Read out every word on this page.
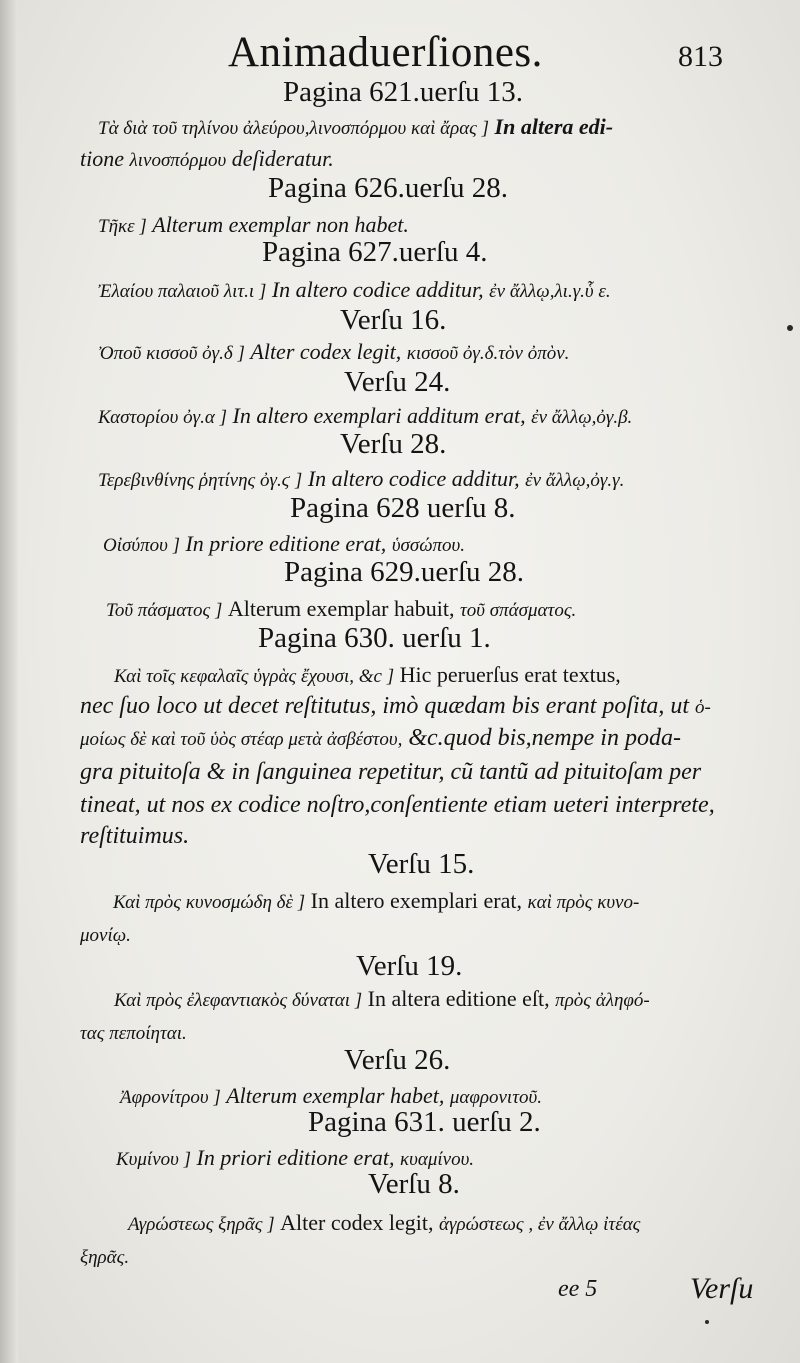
Animaduerſiones.	813
Pagina 621.uerſu 13.
Τὰ διὰ τοῦ τηλίνου ἀλεύρου,λινοσπόρμου καὶ ἄρας ] In altera edi-
tione λινοσπόρμου deſideratur.
Pagina 626.uerſu 28.
Τῆκε ] Alterum exemplar non habet.
Pagina 627.uerſu 4.
Ἐλαίου παλαιοῦ λιτ.ι ] In altero codice additur, ἐν ἄλλῳ,λι.γ.ὗ ε.
Verſu 16.
Ὀποῦ κισσοῦ ὀγ.δ ] Alter codex legit, κισσοῦ ὀγ.δ.τὸν ὀπὸν.
Verſu 24.
Καστορίου ὀγ.α ] In altero exemplari additum erat, ἐν ἄλλῳ,ὀγ.β.
Verſu 28.
Τερεβινθίνης ῥητίνης ὀγ.ϛ ] In altero codice additur, ἐν ἄλλῳ,ὀγ.γ.
Pagina 628 uerſu 8.
Οἰσύπου ] In priore editione erat, ὑσσώπου.
Pagina 629.uerſu 28.
Τοῦ πάσματος ] Alterum exemplar habuit, τοῦ σπάσματος.
Pagina 630. uerſu 1.
Καὶ τοῖς κεφαλαῖς ὑγρὰς ἔχουσι, &c ] Hic peruerſus erat textus,
nec ſuo loco ut decet reſtitutus, imò quædam bis erant poſita, ut ὁ-
μοίως δὲ καὶ τοῦ ὑὸς στέαρ μετὰ ἀσβέστου, &c.quod bis,nempe in poda-
gra pituitoſa & in ſanguinea repetitur, cũ tantũ ad pituitoſam per
tineat, ut nos ex codice noſtro,conſentiente etiam ueteri interprete,
reſtituimus.
Verſu 15.
Καὶ πρὸς κυνοσμώδη δὲ ] In altero exemplari erat, καὶ πρὸς κυνο-
μονίῳ.
Verſu 19.
Καὶ πρὸς ἐλεφαντιακὸς δύναται ] In altera editione eſt, πρὸς ἀληφό-
τας πεποίηται.
Verſu 26.
Ἀφρονίτρου ] Alterum exemplar habet, μαφρονιτοῦ.
Pagina 631. uerſu 2.
Κυμίνου ] In priori editione erat, κυαμίνου.
Verſu 8.
Αγρώστεως ξηρᾶς ] Alter codex legit, ἀγρώστεως , ἐν ἄλλῳ ἰτέας
ξηρᾶς.
ee 5	Verſu
